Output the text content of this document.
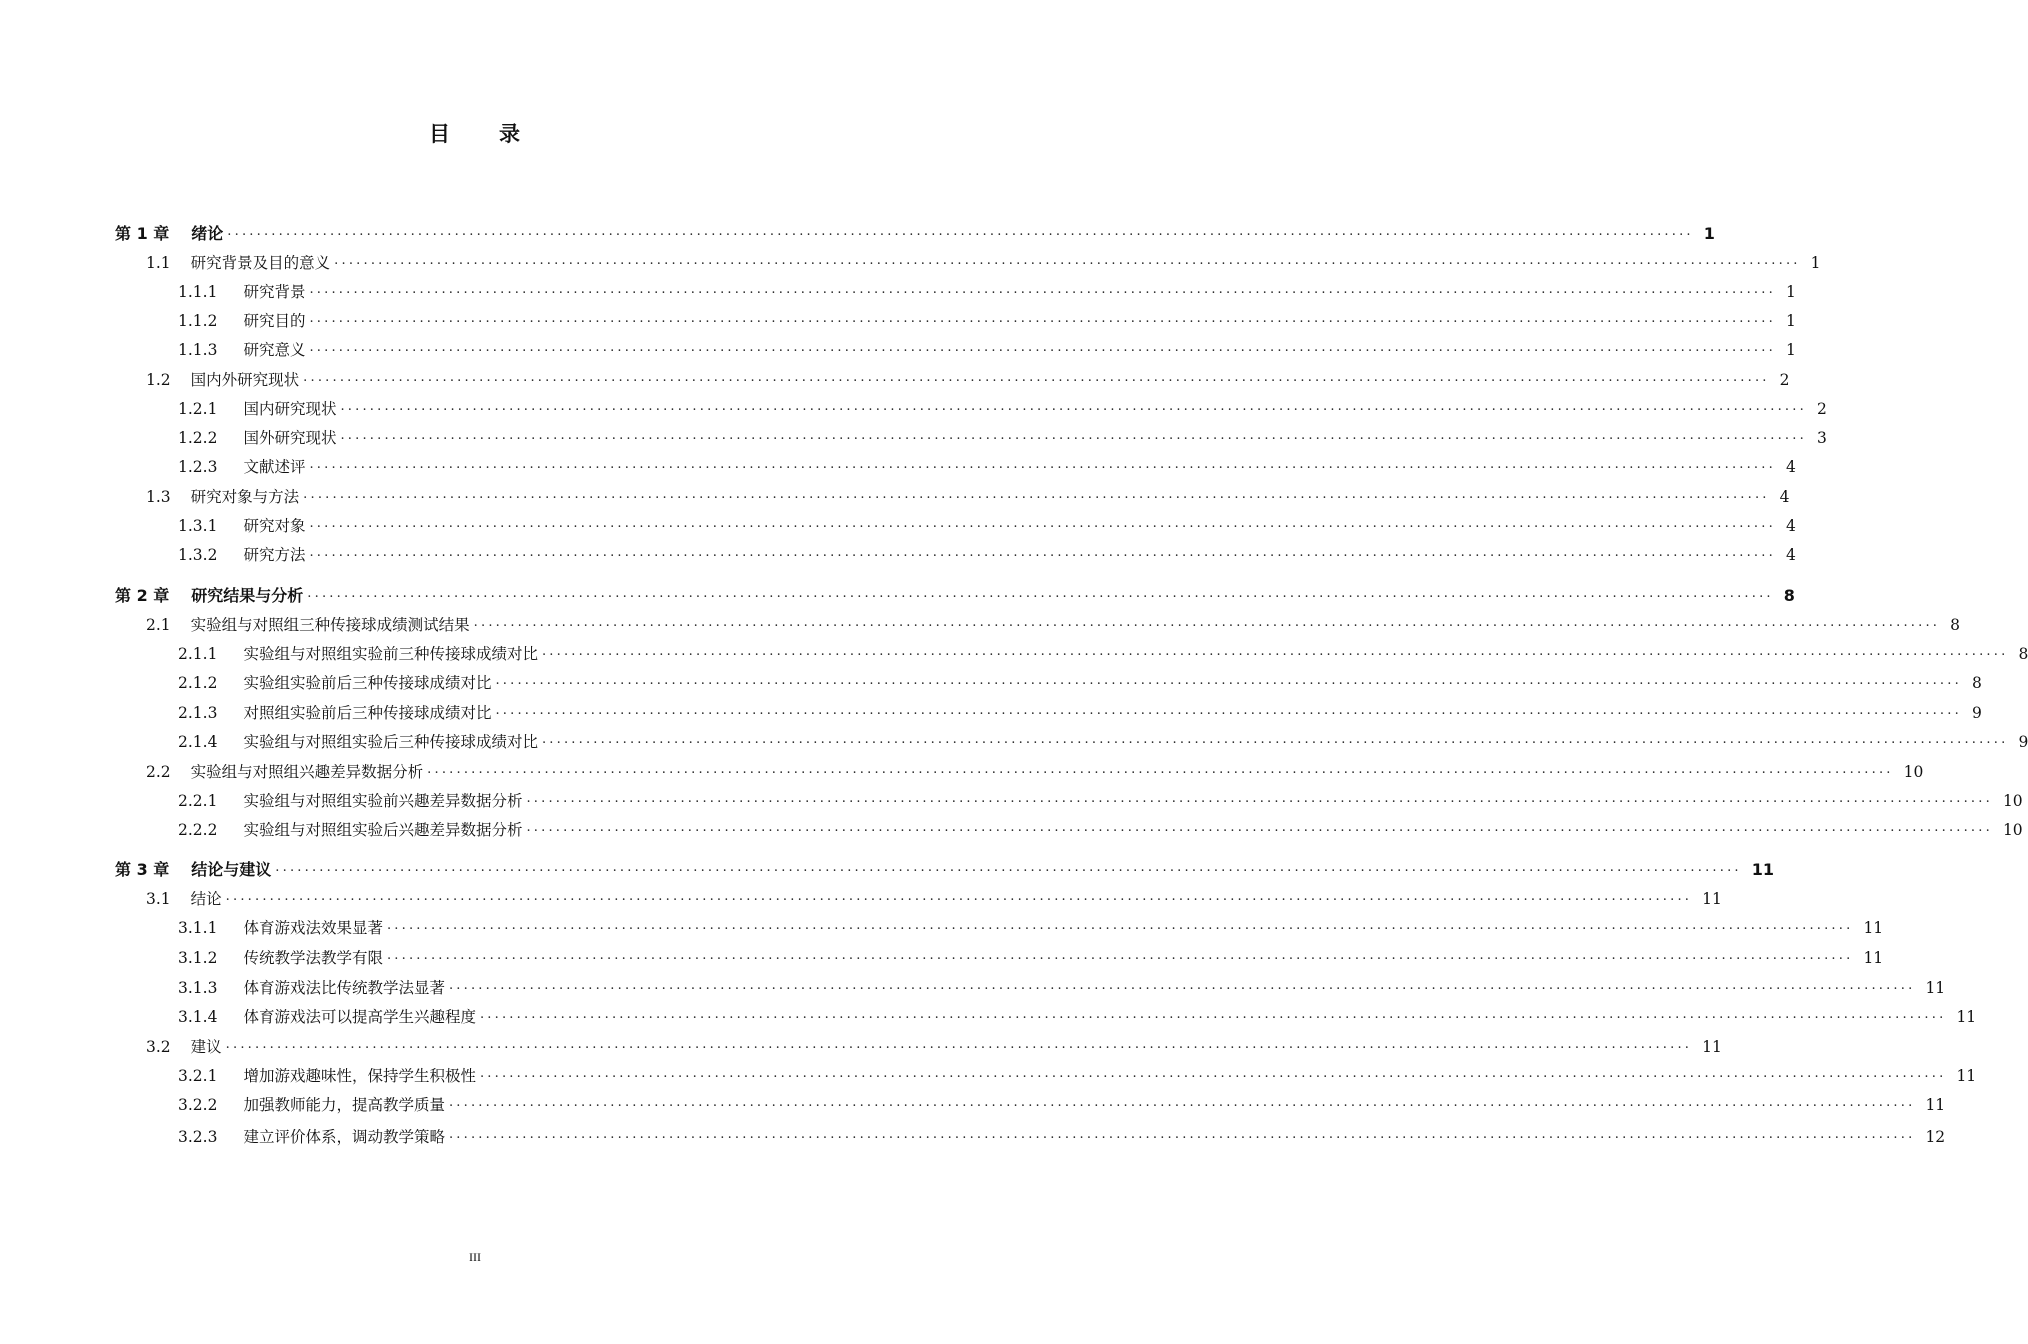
目 录
第 1 章 绪论 ........................................................................................................................................................................................................ 1
1.1 研究背景及目的意义 ........................................................................................................................................................................................................ 1
1.1.1 研究背景 ........................................................................................................................................................................................................ 1
1.1.2 研究目的 ........................................................................................................................................................................................................ 1
1.1.3 研究意义 ........................................................................................................................................................................................................ 1
1.2 国内外研究现状 ........................................................................................................................................................................................................ 2
1.2.1 国内研究现状 ........................................................................................................................................................................................................ 2
1.2.2 国外研究现状 ........................................................................................................................................................................................................ 3
1.2.3 文献述评 ........................................................................................................................................................................................................ 4
1.3 研究对象与方法 ........................................................................................................................................................................................................ 4
1.3.1 研究对象 ........................................................................................................................................................................................................ 4
1.3.2 研究方法 ........................................................................................................................................................................................................ 4
第 2 章 研究结果与分析 ........................................................................................................................................................................................................ 8
2.1 实验组与对照组三种传接球成绩测试结果 ........................................................................................................................................................................................................ 8
2.1.1 实验组与对照组实验前三种传接球成绩对比 ........................................................................................................................................................................................................ 8
2.1.2 实验组实验前后三种传接球成绩对比 ........................................................................................................................................................................................................ 8
2.1.3 对照组实验前后三种传接球成绩对比 ........................................................................................................................................................................................................ 9
2.1.4 实验组与对照组实验后三种传接球成绩对比 ........................................................................................................................................................................................................ 9
2.2 实验组与对照组兴趣差异数据分析 ........................................................................................................................................................................................................ 10
2.2.1 实验组与对照组实验前兴趣差异数据分析 ........................................................................................................................................................................................................ 10
2.2.2 实验组与对照组实验后兴趣差异数据分析 ........................................................................................................................................................................................................ 10
第 3 章 结论与建议 ........................................................................................................................................................................................................ 11
3.1 结论 ........................................................................................................................................................................................................ 11
3.1.1 体育游戏法效果显著 ........................................................................................................................................................................................................ 11
3.1.2 传统教学法教学有限 ........................................................................................................................................................................................................ 11
3.1.3 体育游戏法比传统教学法显著 ........................................................................................................................................................................................................ 11
3.1.4 体育游戏法可以提高学生兴趣程度 ........................................................................................................................................................................................................ 11
3.2 建议 ........................................................................................................................................................................................................ 11
3.2.1 增加游戏趣味性，保持学生积极性 ........................................................................................................................................................................................................ 11
3.2.2 加强教师能力，提高教学质量 ........................................................................................................................................................................................................ 11
3.2.3 建立评价体系，调动教学策略 ........................................................................................................................................................................................................ 12
III
